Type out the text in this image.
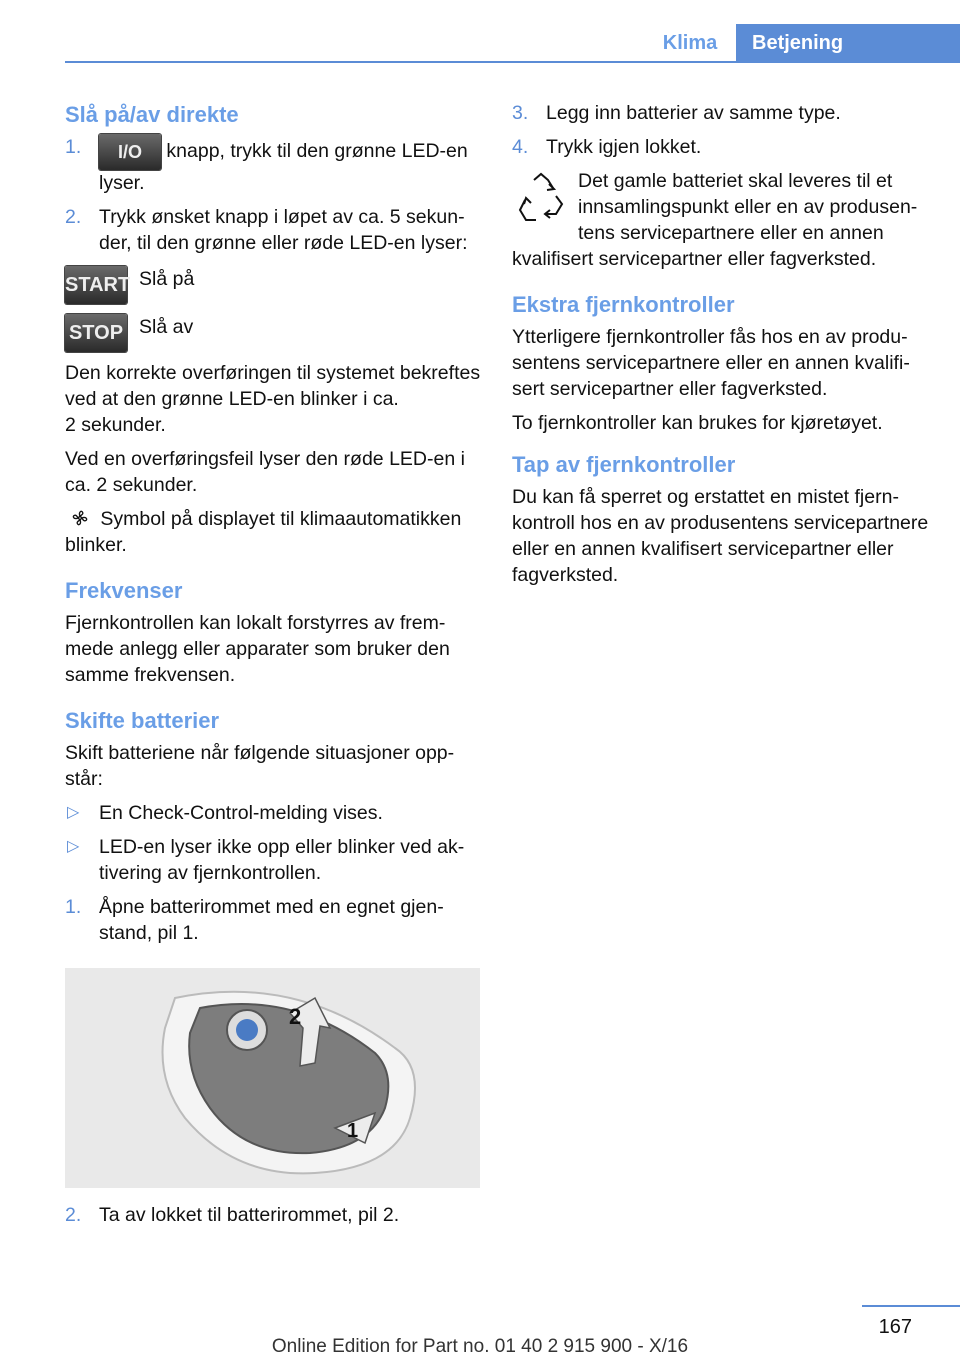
Klima	Betjening
Slå på/av direkte
1. I/O knapp, trykk til den grønne LED-en lyser.
2. Trykk ønsket knapp i løpet av ca. 5 sekunder, til den grønne eller røde LED-en lyser:
START Slå på
STOP Slå av

Den korrekte overføringen til systemet bekreftes ved at den grønne LED-en blinker i ca.
2 sekunder.

Ved en overføringsfeil lyser den røde LED-en i ca. 2 sekunder.

Symbol på displayet til klimaautomatikken blinker.

Frekvenser

Fjernkontrollen kan lokalt forstyrres av fremmede anlegg eller apparater som bruker den samme frekvensen.

Skifte batterier

Skift batteriene når følgende situasjoner oppstår:

▷ En Check-Control-melding vises.
▷ LED-en lyser ikke opp eller blinker ved aktivering av fjernkontrollen.
1. Åpne batterirommet med en egnet gjenstand, pil 1.
2
1
2. Ta av lokket til batterirommet, pil 2.
3. Legg inn batterier av samme type.
4. Trykk igjen lokket.
Det gamle batteriet skal leveres til et innsamlingspunkt eller en av produsentens servicepartnere eller en annen kvalifisert servicepartner eller fagverksted.
Ekstra fjernkontroller

Ytterligere fjernkontroller fås hos en av produsentens servicepartnere eller en annen kvalifisert servicepartner eller fagverksted.

To fjernkontroller kan brukes for kjøretøyet.

Tap av fjernkontroller

Du kan få sperret og erstattet en mistet fjernkontroll hos en av produsentens servicepartnere eller en annen kvalifisert servicepartner eller fagverksted.

167
Online Edition for Part no. 01 40 2 915 900 - X/16
